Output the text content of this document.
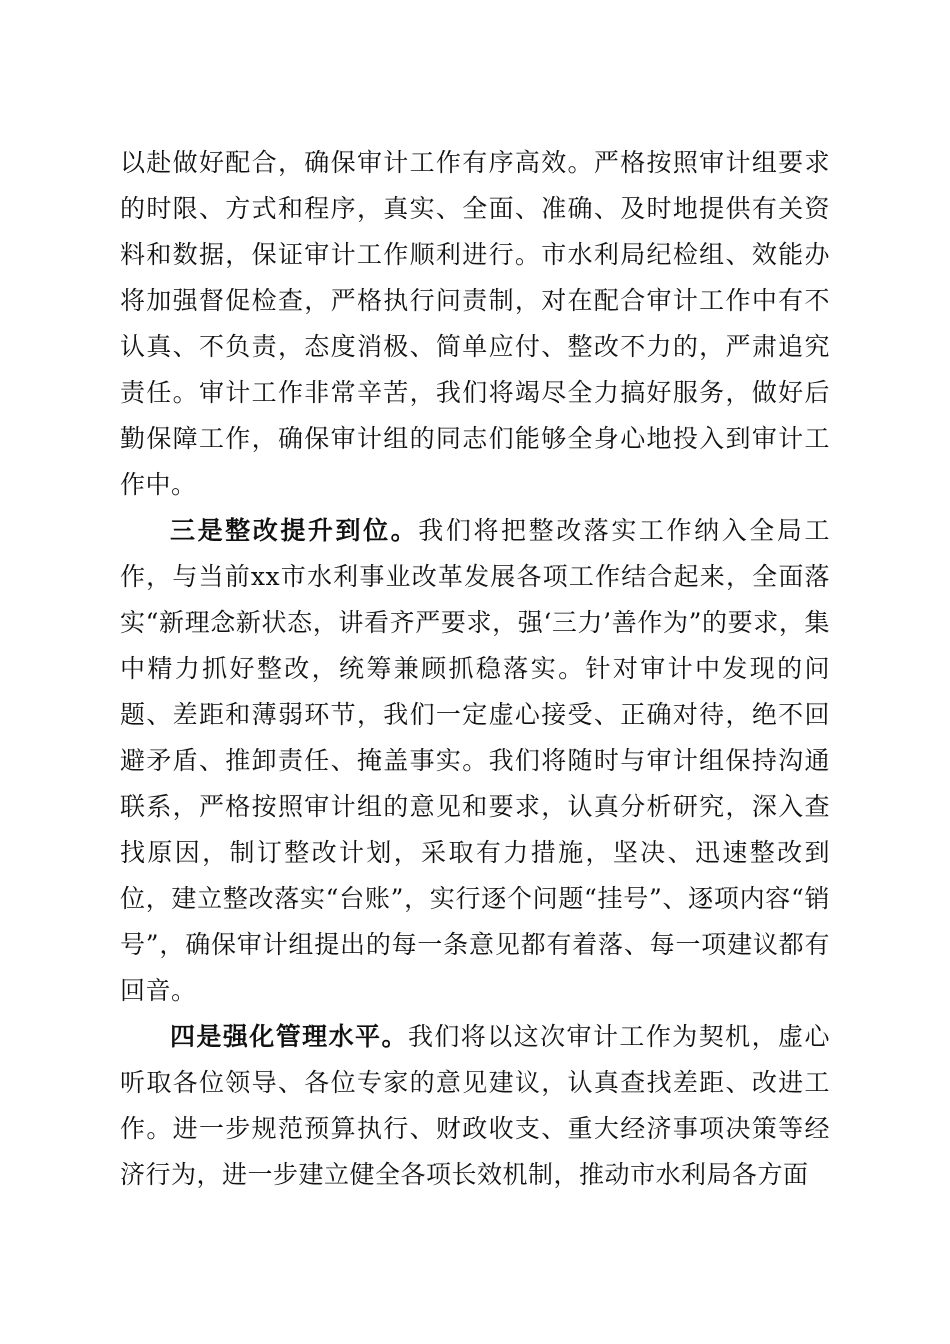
以赴做好配合，确保审计工作有序高效。严格按照审计组要求的时限、方式和程序，真实、全面、准确、及时地提供有关资料和数据，保证审计工作顺利进行。市水利局纪检组、效能办将加强督促检查，严格执行问责制，对在配合审计工作中有不认真、不负责，态度消极、简单应付、整改不力的，严肃追究责任。审计工作非常辛苦，我们将竭尽全力搞好服务，做好后勤保障工作，确保审计组的同志们能够全身心地投入到审计工作中。

三是整改提升到位。我们将把整改落实工作纳入全局工作，与当前xx市水利事业改革发展各项工作结合起来，全面落实“新理念新状态，讲看齐严要求，强‘三力’善作为”的要求，集中精力抓好整改，统筹兼顾抓稳落实。针对审计中发现的问题、差距和薄弱环节，我们一定虚心接受、正确对待，绝不回避矛盾、推卸责任、掩盖事实。我们将随时与审计组保持沟通联系，严格按照审计组的意见和要求，认真分析研究，深入查找原因，制订整改计划，采取有力措施，坚决、迅速整改到位，建立整改落实“台账”，实行逐个问题“挂号”、逐项内容“销号”，确保审计组提出的每一条意见都有着落、每一项建议都有回音。

四是强化管理水平。我们将以这次审计工作为契机，虚心听取各位领导、各位专家的意见建议，认真查找差距、改进工作。进一步规范预算执行、财政收支、重大经济事项决策等经济行为，进一步建立健全各项长效机制，推动市水利局各方面
